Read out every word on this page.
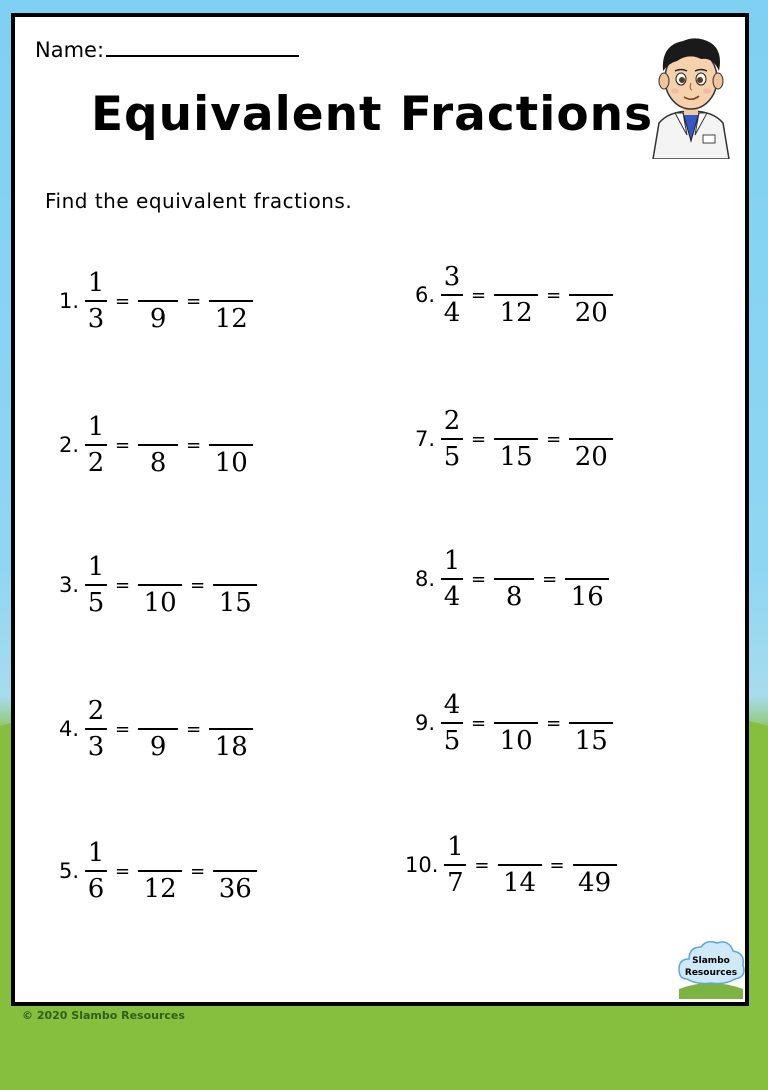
Name:
Equivalent Fractions
Find the equivalent fractions.
1. $\frac{1}{3}$ =
9
=
12
2. $\frac{1}{2}$ =
8
=
10
3. $\frac{1}{5}$ =
10
=
15
4. $\frac{2}{3}$ =
9
=
18
5. $\frac{1}{6}$ =
12
=
36
6. $\frac{3}{4}$ =
12
=
20
7. $\frac{2}{5}$ =
15
=
20
8. $\frac{1}{4}$ =
8
=
16
9. $\frac{4}{5}$ =
10
=
15
10. $\frac{1}{7}$ =
14
=
49
Slambo
Resources
© 2020 Slambo Resources
